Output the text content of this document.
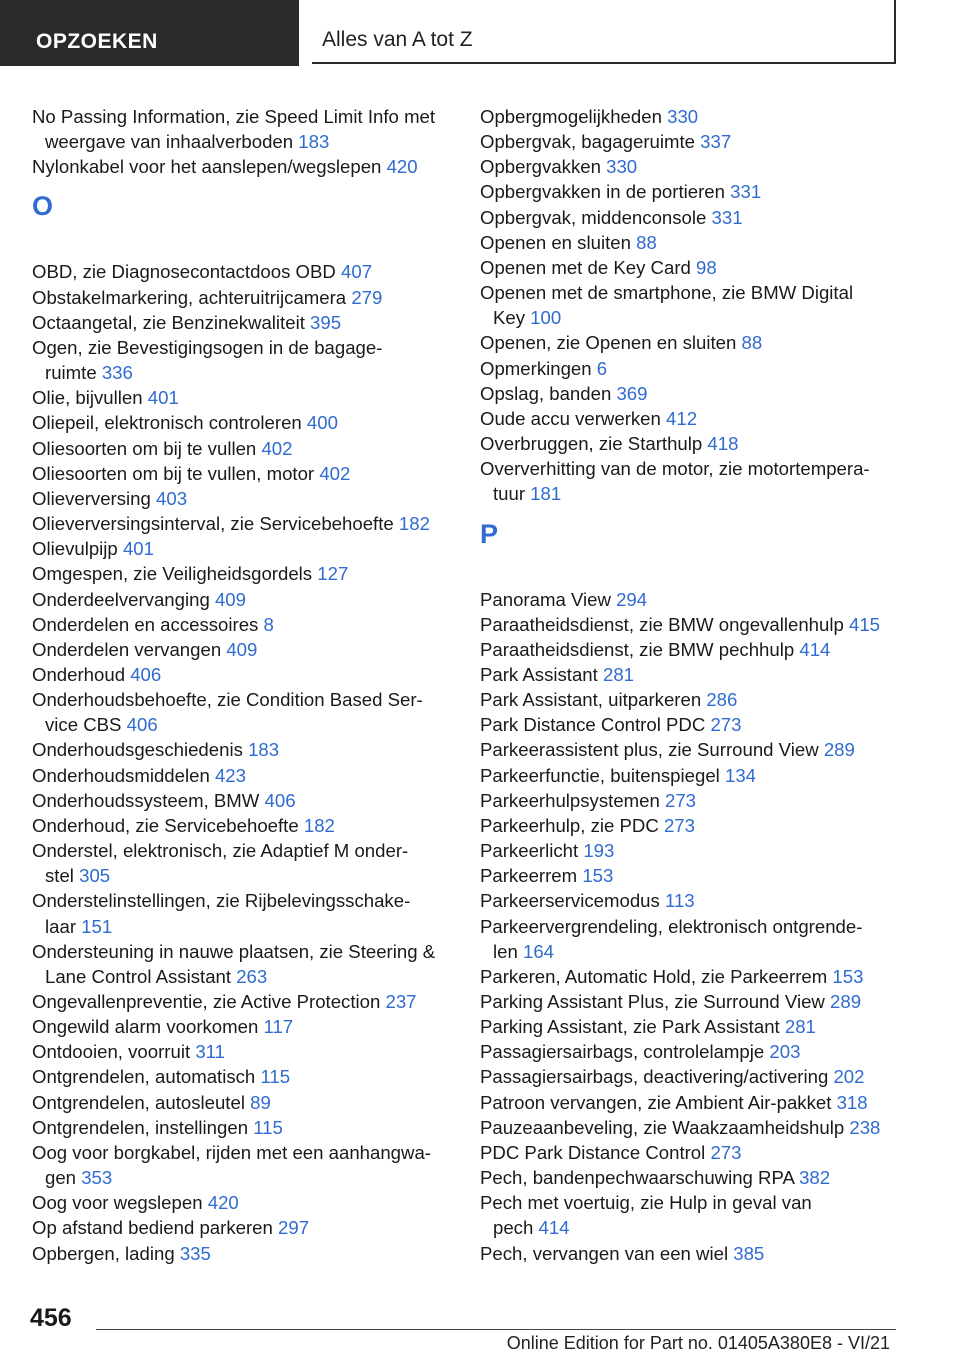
OPZOEKEN	Alles van A tot Z
No Passing Information, zie Speed Limit Info met
weergave van inhaalverboden 183
Nylonkabel voor het aanslepen/wegslepen 420
O
OBD, zie Diagnosecontactdoos OBD 407
Obstakelmarkering, achteruitrijcamera 279
Octaangetal, zie Benzinekwaliteit 395
Ogen, zie Bevestigingsogen in de bagage-
ruimte 336
Olie, bijvullen 401
Oliepeil, elektronisch controleren 400
Oliesoorten om bij te vullen 402
Oliesoorten om bij te vullen, motor 402
Olieverversing 403
Olieverversingsinterval, zie Servicebehoefte 182
Olievulpijp 401
Omgespen, zie Veiligheidsgordels 127
Onderdeelvervanging 409
Onderdelen en accessoires 8
Onderdelen vervangen 409
Onderhoud 406
Onderhoudsbehoefte, zie Condition Based Ser-
vice CBS 406
Onderhoudsgeschiedenis 183
Onderhoudsmiddelen 423
Onderhoudssysteem, BMW 406
Onderhoud, zie Servicebehoefte 182
Onderstel, elektronisch, zie Adaptief M onder-
stel 305
Onderstelinstellingen, zie Rijbelevingsschake-
laar 151
Ondersteuning in nauwe plaatsen, zie Steering &
Lane Control Assistant 263
Ongevallenpreventie, zie Active Protection 237
Ongewild alarm voorkomen 117
Ontdooien, voorruit 311
Ontgrendelen, automatisch 115
Ontgrendelen, autosleutel 89
Ontgrendelen, instellingen 115
Oog voor borgkabel, rijden met een aanhangwa-
gen 353
Oog voor wegslepen 420
Op afstand bediend parkeren 297
Opbergen, lading 335
Opbergmogelijkheden 330
Opbergvak, bagageruimte 337
Opbergvakken 330
Opbergvakken in de portieren 331
Opbergvak, middenconsole 331
Openen en sluiten 88
Openen met de Key Card 98
Openen met de smartphone, zie BMW Digital
Key 100
Openen, zie Openen en sluiten 88
Opmerkingen 6
Opslag, banden 369
Oude accu verwerken 412
Overbruggen, zie Starthulp 418
Oververhitting van de motor, zie motortempera-
tuur 181
P
Panorama View 294
Paraatheidsdienst, zie BMW ongevallenhulp 415
Paraatheidsdienst, zie BMW pechhulp 414
Park Assistant 281
Park Assistant, uitparkeren 286
Park Distance Control PDC 273
Parkeerassistent plus, zie Surround View 289
Parkeerfunctie, buitenspiegel 134
Parkeerhulpsystemen 273
Parkeerhulp, zie PDC 273
Parkeerlicht 193
Parkeerrem 153
Parkeerservicemodus 113
Parkeervergrendeling, elektronisch ontgrende-
len 164
Parkeren, Automatic Hold, zie Parkeerrem 153
Parking Assistant Plus, zie Surround View 289
Parking Assistant, zie Park Assistant 281
Passagiersairbags, controlelampje 203
Passagiersairbags, deactivering/activering 202
Patroon vervangen, zie Ambient Air-pakket 318
Pauzeaanbeveling, zie Waakzaamheidshulp 238
PDC Park Distance Control 273
Pech, bandenpechwaarschuwing RPA 382
Pech met voertuig, zie Hulp in geval van
pech 414
Pech, vervangen van een wiel 385
456
Online Edition for Part no. 01405A380E8 - VI/21
